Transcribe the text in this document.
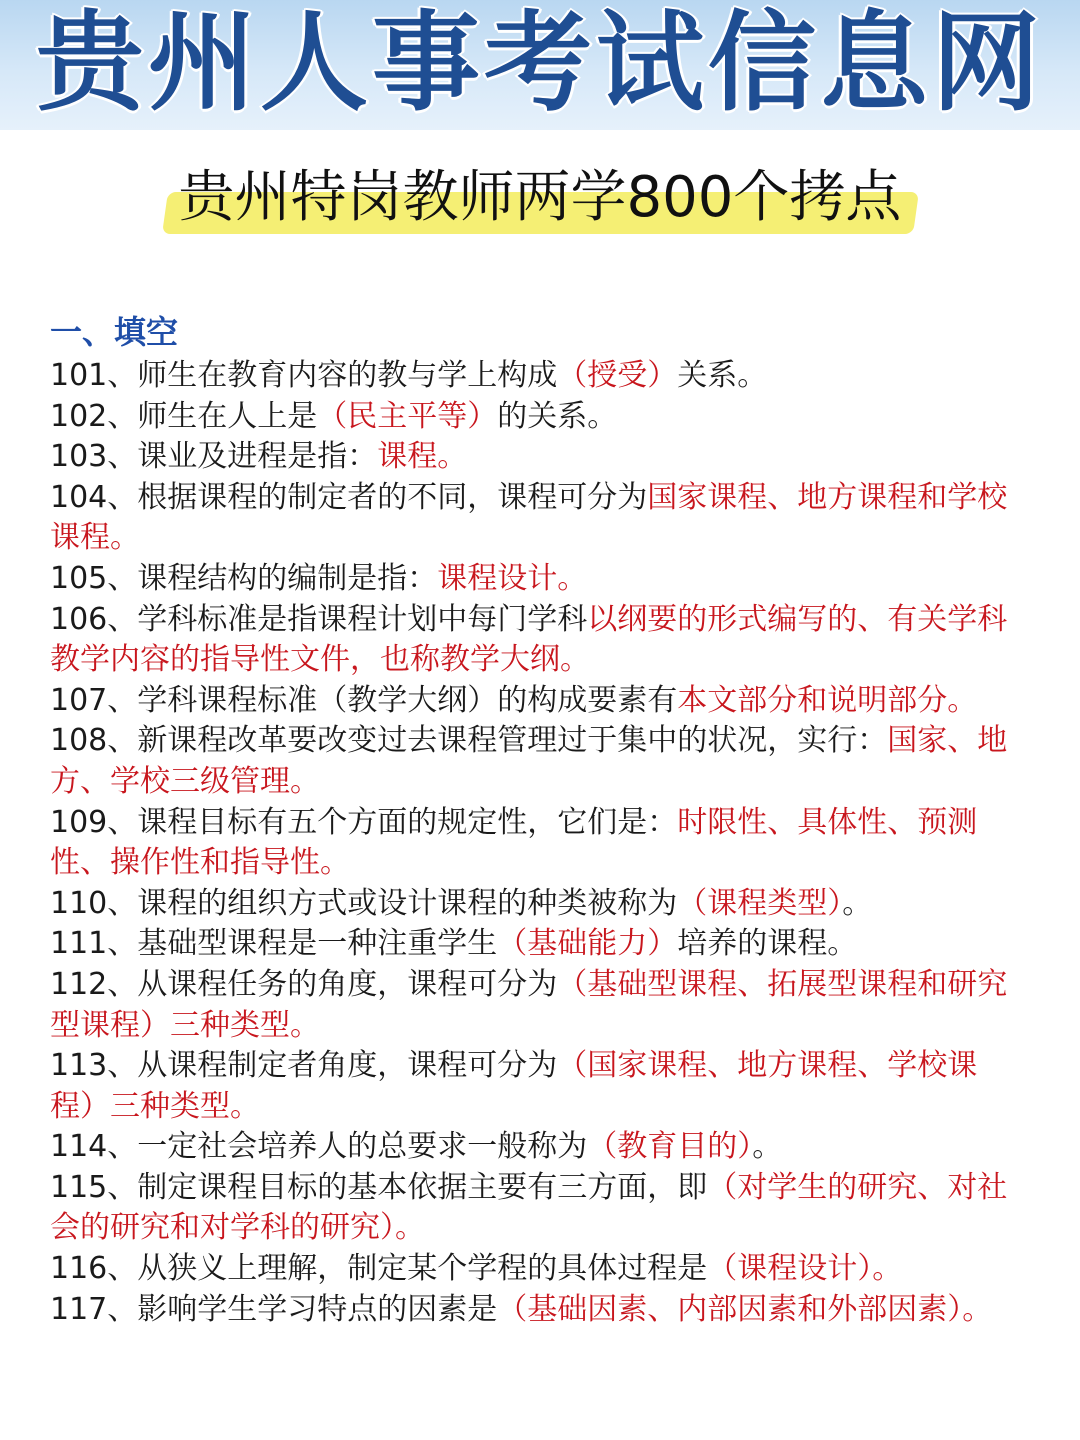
贵州人事考试信息网
贵州特岗教师两学800个拷点
一、填空
101、师生在教育内容的教与学上构成（授受）关系。
102、师生在人上是（民主平等）的关系。
103、课业及进程是指：课程。
104、根据课程的制定者的不同，课程可分为国家课程、地方课程和学校课程。
105、课程结构的编制是指：课程设计。
106、学科标准是指课程计划中每门学科以纲要的形式编写的、有关学科教学内容的指导性文件，也称教学大纲。
107、学科课程标准（教学大纲）的构成要素有本文部分和说明部分。
108、新课程改革要改变过去课程管理过于集中的状况，实行：国家、地方、学校三级管理。
109、课程目标有五个方面的规定性，它们是：时限性、具体性、预测性、操作性和指导性。
110、课程的组织方式或设计课程的种类被称为（课程类型）。
111、基础型课程是一种注重学生（基础能力）培养的课程。
112、从课程任务的角度，课程可分为（基础型课程、拓展型课程和研究型课程）三种类型。
113、从课程制定者角度，课程可分为（国家课程、地方课程、学校课程）三种类型。
114、一定社会培养人的总要求一般称为（教育目的）。
115、制定课程目标的基本依据主要有三方面，即（对学生的研究、对社会的研究和对学科的研究）。
116、从狭义上理解，制定某个学程的具体过程是（课程设计）。
117、影响学生学习特点的因素是（基础因素、内部因素和外部因素）。
